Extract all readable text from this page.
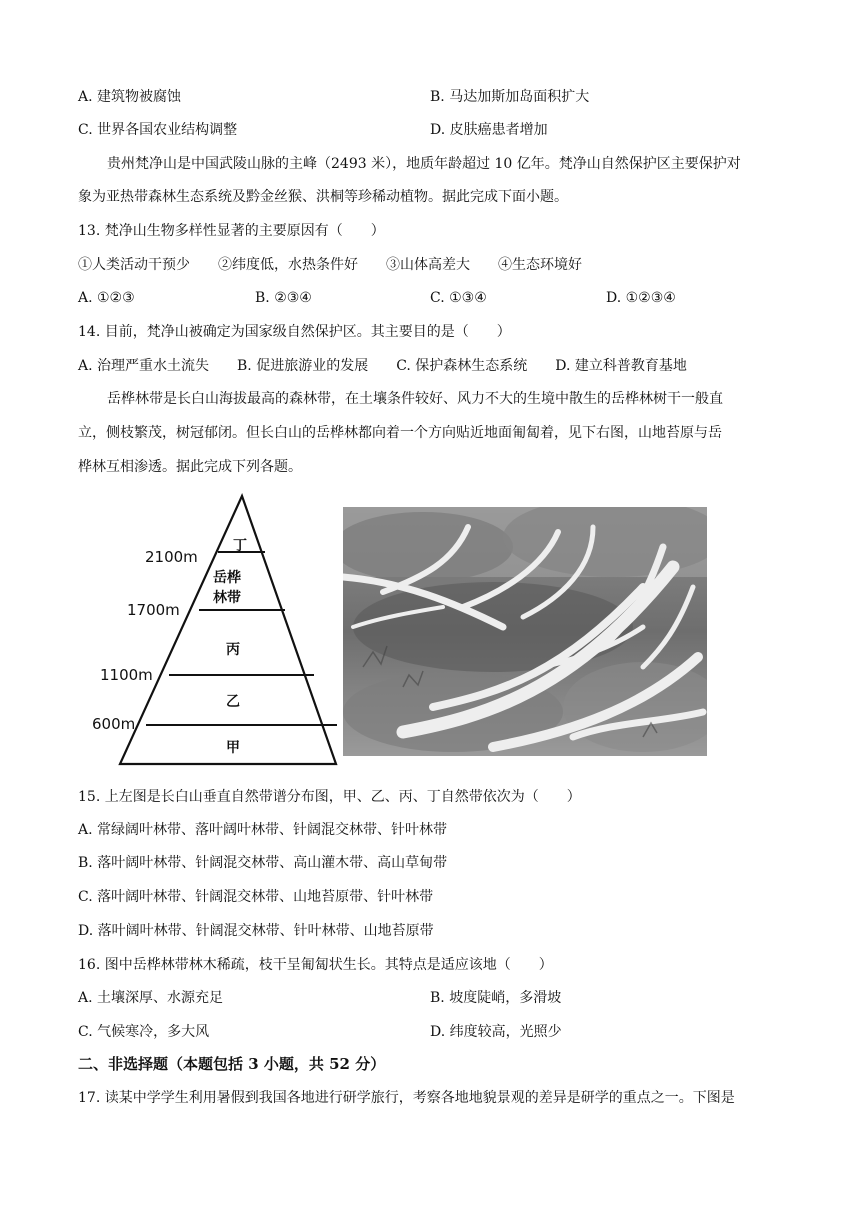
A. 建筑物被腐蚀	B. 马达加斯加岛面积扩大
C. 世界各国农业结构调整	D. 皮肤癌患者增加
贵州梵净山是中国武陵山脉的主峰（2493 米），地质年龄超过 10 亿年。梵净山自然保护区主要保护对
象为亚热带森林生态系统及黔金丝猴、洪桐等珍稀动植物。据此完成下面小题。
13. 梵净山生物多样性显著的主要原因有（　　）
①人类活动干预少　　②纬度低，水热条件好　　③山体高差大　　④生态环境好
A. ①②③	B. ②③④	C. ①③④	D. ①②③④
14. 目前，梵净山被确定为国家级自然保护区。其主要目的是（　　）
A. 治理严重水土流失　　B. 促进旅游业的发展　　C. 保护森林生态系统　　D. 建立科普教育基地
岳桦林带是长白山海拔最高的森林带，在土壤条件较好、风力不大的生境中散生的岳桦林树干一般直
立，侧枝繁茂，树冠郁闭。但长白山的岳桦林都向着一个方向贴近地面匍匐着，见下右图，山地苔原与岳
桦林互相渗透。据此完成下列各题。
丁
岳桦
林带
丙
乙
甲
2100m
1700m
1100m
600m
15. 上左图是长白山垂直自然带谱分布图，甲、乙、丙、丁自然带依次为（　　）
A. 常绿阔叶林带、落叶阔叶林带、针阔混交林带、针叶林带
B. 落叶阔叶林带、针阔混交林带、高山灌木带、高山草甸带
C. 落叶阔叶林带、针阔混交林带、山地苔原带、针叶林带
D. 落叶阔叶林带、针阔混交林带、针叶林带、山地苔原带
16. 图中岳桦林带林木稀疏，枝干呈匍匐状生长。其特点是适应该地（　　）
A. 土壤深厚、水源充足	B. 坡度陡峭，多滑坡
C. 气候寒冷，多大风	D. 纬度较高，光照少
二、非选择题（本题包括 3 小题，共 52 分）
17. 读某中学学生利用暑假到我国各地进行研学旅行，考察各地地貌景观的差异是研学的重点之一。下图是
